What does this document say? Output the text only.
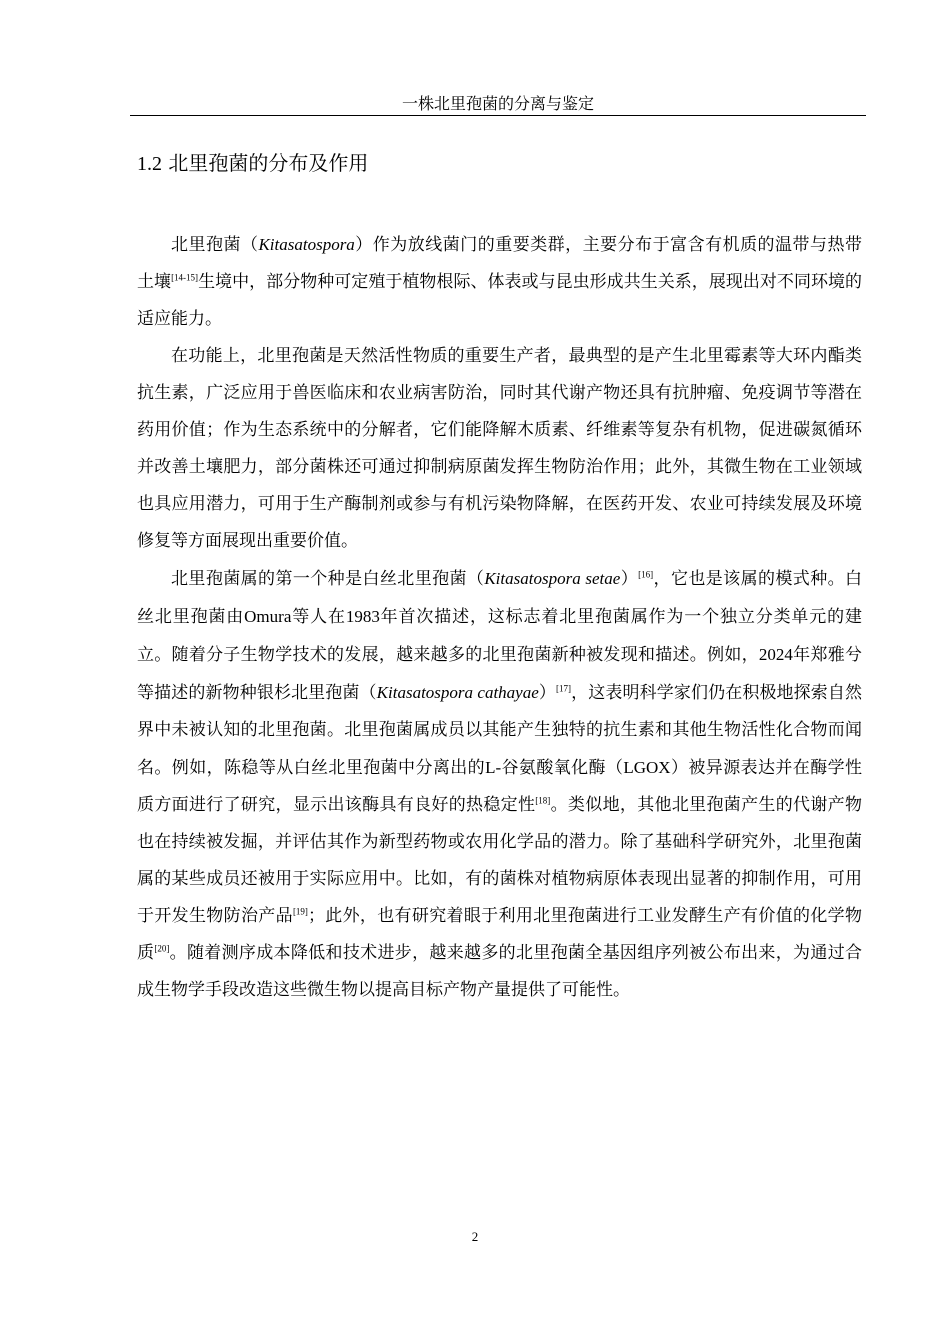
一株北里孢菌的分离与鉴定
1.2 北里孢菌的分布及作用

北里孢菌（Kitasatospora）作为放线菌门的重要类群，主要分布于富含有机质的温带与热带土壤[14-15]生境中，部分物种可定殖于植物根际、体表或与昆虫形成共生关系，展现出对不同环境的适应能力。

在功能上，北里孢菌是天然活性物质的重要生产者，最典型的是产生北里霉素等大环内酯类抗生素，广泛应用于兽医临床和农业病害防治，同时其代谢产物还具有抗肿瘤、免疫调节等潜在药用价值；作为生态系统中的分解者，它们能降解木质素、纤维素等复杂有机物，促进碳氮循环并改善土壤肥力，部分菌株还可通过抑制病原菌发挥生物防治作用；此外，其微生物在工业领域也具应用潜力，可用于生产酶制剂或参与有机污染物降解，在医药开发、农业可持续发展及环境修复等方面展现出重要价值。

北里孢菌属的第一个种是白丝北里孢菌（Kitasatospora setae）[16]，它也是该属的模式种。白丝北里孢菌由Omura等人在1983年首次描述，这标志着北里孢菌属作为一个独立分类单元的建立。随着分子生物学技术的发展，越来越多的北里孢菌新种被发现和描述。例如，2024年郑雅兮等描述的新物种银杉北里孢菌（Kitasatospora cathayae）[17]，这表明科学家们仍在积极地探索自然界中未被认知的北里孢菌。北里孢菌属成员以其能产生独特的抗生素和其他生物活性化合物而闻名。例如，陈稳等从白丝北里孢菌中分离出的L-谷氨酸氧化酶（LGOX）被异源表达并在酶学性质方面进行了研究，显示出该酶具有良好的热稳定性[18]。类似地，其他北里孢菌产生的代谢产物也在持续被发掘，并评估其作为新型药物或农用化学品的潜力。除了基础科学研究外，北里孢菌属的某些成员还被用于实际应用中。比如，有的菌株对植物病原体表现出显著的抑制作用，可用于开发生物防治产品[19]；此外，也有研究着眼于利用北里孢菌进行工业发酵生产有价值的化学物质[20]。随着测序成本降低和技术进步，越来越多的北里孢菌全基因组序列被公布出来，为通过合成生物学手段改造这些微生物以提高目标产物产量提供了可能性。

2
